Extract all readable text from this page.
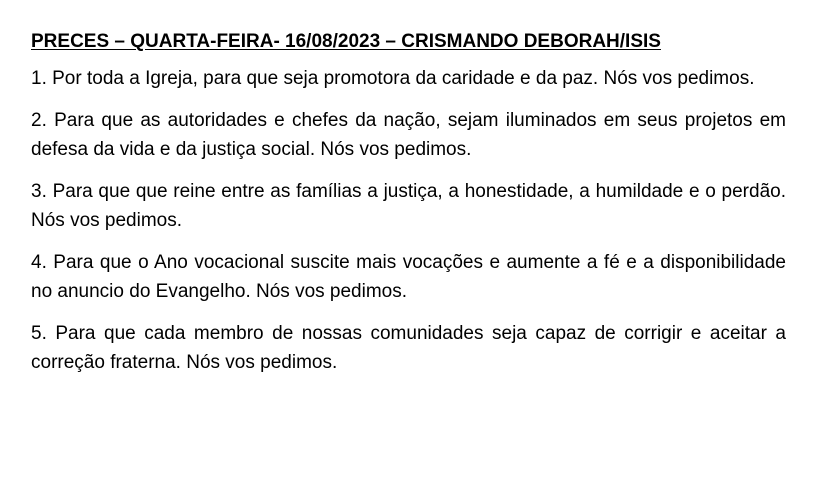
PRECES – QUARTA-FEIRA- 16/08/2023 – CRISMANDO DEBORAH/ISIS

1. Por toda a Igreja, para que seja promotora da caridade e da paz. Nós vos pedimos.

2. Para que as autoridades e chefes da nação, sejam iluminados em seus projetos em defesa da vida e da justiça social. Nós vos pedimos.

3. Para que que reine entre as famílias a justiça, a honestidade, a humildade e o perdão. Nós vos pedimos.

4. Para que o Ano vocacional suscite mais vocações e aumente a fé e a disponibilidade no anuncio do Evangelho. Nós vos pedimos.

5. Para que cada membro de nossas comunidades seja capaz de corrigir e aceitar a correção fraterna. Nós vos pedimos.
